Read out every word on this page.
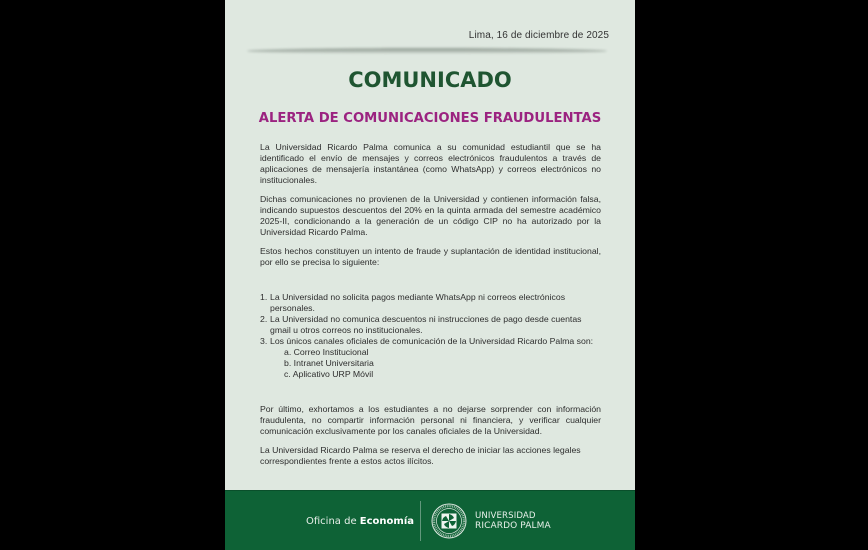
Lima, 16 de diciembre de 2025
COMUNICADO
ALERTA DE COMUNICACIONES FRAUDULENTAS

La Universidad Ricardo Palma comunica a su comunidad estudiantil que se ha identificado el envío de mensajes y correos electrónicos fraudulentos a través de aplicaciones de mensajería instantánea (como WhatsApp) y correos electrónicos no institucionales.

Dichas comunicaciones no provienen de la Universidad y contienen información falsa, indicando supuestos descuentos del 20% en la quinta armada del semestre académico 2025-II, condicionando a la generación de un código CIP no ha autorizado por la Universidad Ricardo Palma.

Estos hechos constituyen un intento de fraude y suplantación de identidad institucional, por ello se precisa lo siguiente:

1. La Universidad no solicita pagos mediante WhatsApp ni correos electrónicos personales.
2. La Universidad no comunica descuentos ni instrucciones de pago desde cuentas gmail u otros correos no institucionales.
3. Los únicos canales oficiales de comunicación de la Universidad Ricardo Palma son:
a. Correo Institucional
b. Intranet Universitaria
c. Aplicativo URP Móvil

Por último, exhortamos a los estudiantes a no dejarse sorprender con información fraudulenta, no compartir información personal ni financiera, y verificar cualquier comunicación exclusivamente por los canales oficiales de la Universidad.

La Universidad Ricardo Palma se reserva el derecho de iniciar las acciones legales correspondientes frente a estos actos ilícitos.

Oficina de Economía	UNIVERSIDAD
RICARDO PALMA
